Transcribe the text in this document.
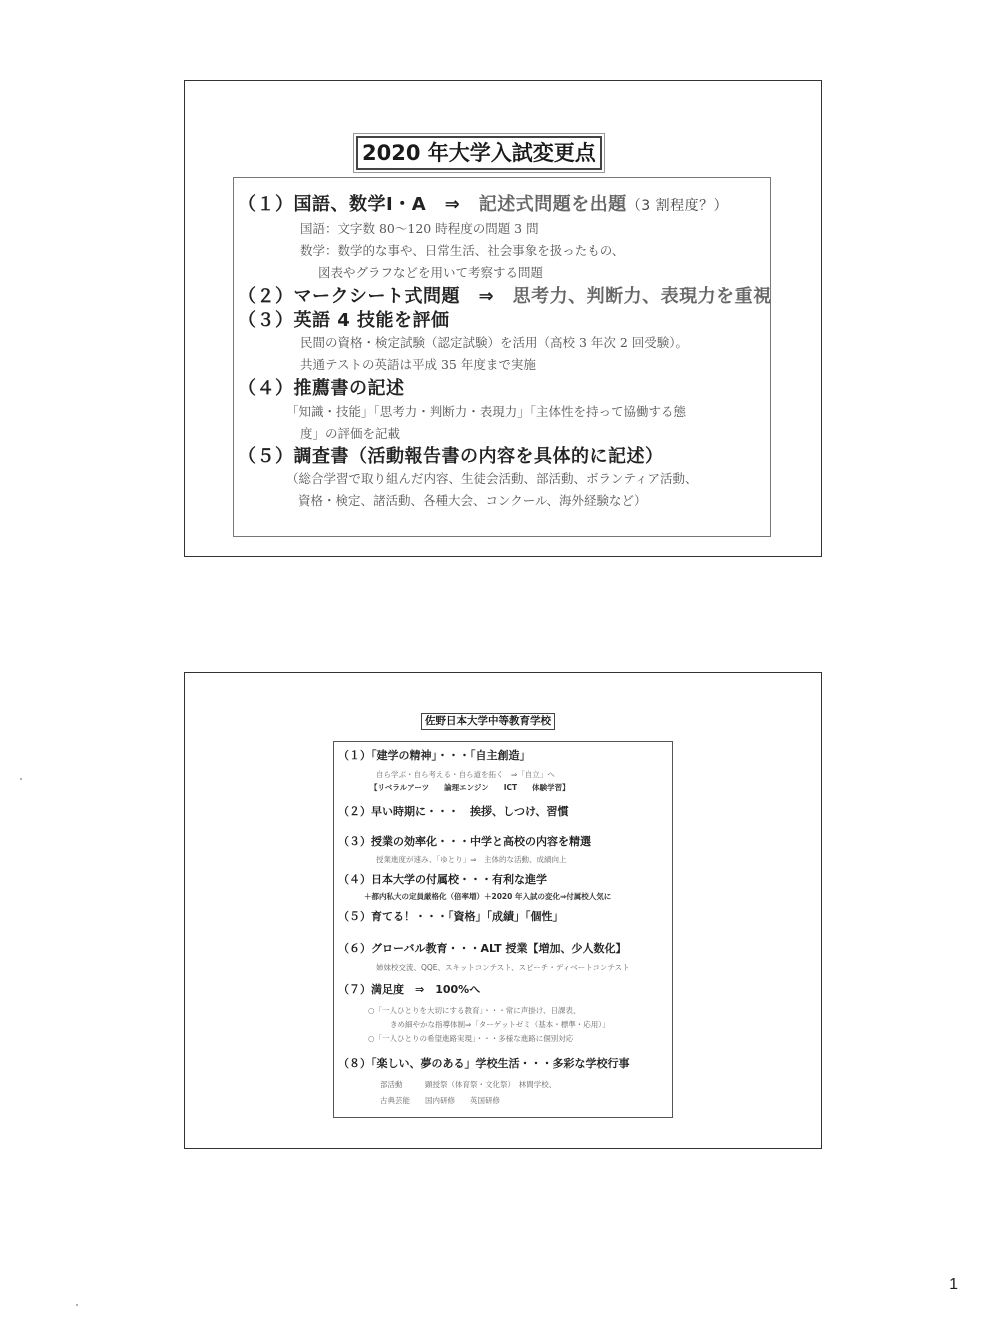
2020 年大学入試変更点
（１）国語、数学Ⅰ・A　⇒　記述式問題を出題（3 割程度？）
国語：文字数 80～120 時程度の問題 3 問
数学：数学的な事や、日常生活、社会事象を扱ったもの、
図表やグラフなどを用いて考察する問題
（２）マークシート式問題　⇒　思考力、判断力、表現力を重視
（３）英語 4 技能を評価
民間の資格・検定試験（認定試験）を活用（高校 3 年次 2 回受験）。
共通テストの英語は平成 35 年度まで実施
（４）推薦書の記述
「知識・技能」「思考力・判断力・表現力」「主体性を持って協働する態
度」の評価を記載
（５）調査書（活動報告書の内容を具体的に記述）
（総合学習で取り組んだ内容、生徒会活動、部活動、ボランティア活動、
資格・検定、諸活動、各種大会、コンクール、海外経験など）
佐野日本大学中等教育学校
（１）「建学の精神」・・・「自主創造」
自ら学ぶ・自ら考える・自ら道を拓く　⇒「自立」へ
【リベラルアーツ　　論理エンジン　　ICT　　体験学習】
（２）早い時期に・・・　挨拶、しつけ、習慣
（３）授業の効率化・・・中学と高校の内容を精選
授業進度が速み、「ゆとり」⇒　主体的な活動、成績向上
（４）日本大学の付属校・・・有利な進学
＋都内私大の定員厳格化（倍率増）＋2020 年入試の変化⇒付属校人気に
（５）育てる！・・・「資格」「成績」「個性」
（６）グローバル教育・・・ALT 授業【増加、少人数化】
姉妹校交流、QQE、スキットコンテスト、スピーチ・ディベートコンテスト
（７）満足度　⇒　100%へ
○「一人ひとりを大切にする教育」・・・常に声掛け、日課表、
きめ細やかな指導体制⇒「ターゲットゼミ（基本・標準・応用）」
○「一人ひとりの希望進路実現」・・・多様な進路に個別対応
（８）「楽しい、夢のある」学校生活・・・多彩な学校行事
部活動　　　顕授祭（体育祭・文化祭）　林間学校、
古典芸能　　国内研修　　英国研修
1
